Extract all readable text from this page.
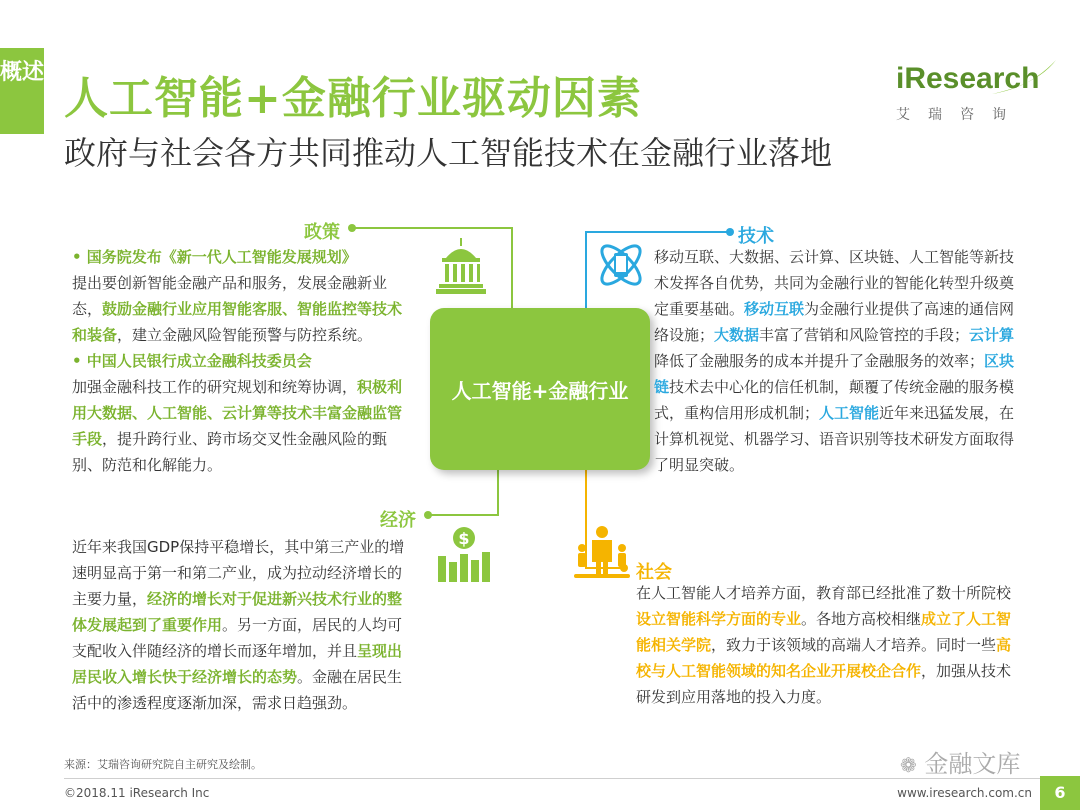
概述
人工智能+金融行业驱动因素
政府与社会各方共同推动人工智能技术在金融行业落地
iResearch
艾瑞咨询
人工智能+金融行业
政策
• 国务院发布《新一代人工智能发展规划》
提出要创新智能金融产品和服务，发展金融新业
态，鼓励金融行业应用智能客服、智能监控等技术
和装备，建立金融风险智能预警与防控系统。
• 中国人民银行成立金融科技委员会
加强金融科技工作的研究规划和统筹协调，积极利
用大数据、人工智能、云计算等技术丰富金融监管
手段，提升跨行业、跨市场交叉性金融风险的甄
别、防范和化解能力。
技术
移动互联、大数据、云计算、区块链、人工智能等新技
术发挥各自优势，共同为金融行业的智能化转型升级奠
定重要基础。移动互联为金融行业提供了高速的通信网
络设施；大数据丰富了营销和风险管控的手段；云计算
降低了金融服务的成本并提升了金融服务的效率；区块
链技术去中心化的信任机制，颠覆了传统金融的服务模
式，重构信用形成机制；人工智能近年来迅猛发展，在
计算机视觉、机器学习、语音识别等技术研发方面取得
了明显突破。
经济
$
近年来我国GDP保持平稳增长，其中第三产业的增
速明显高于第一和第二产业，成为拉动经济增长的
主要力量，经济的增长对于促进新兴技术行业的整
体发展起到了重要作用。另一方面，居民的人均可
支配收入伴随经济的增长而逐年增加，并且呈现出
居民收入增长快于经济增长的态势。金融在居民生
活中的渗透程度逐渐加深，需求日趋强劲。
社会
在人工智能人才培养方面，教育部已经批准了数十所院校
设立智能科学方面的专业。各地方高校相继成立了人工智
能相关学院，致力于该领域的高端人才培养。同时一些高
校与人工智能领域的知名企业开展校企合作，加强从技术
研发到应用落地的投入力度。
来源：艾瑞咨询研究院自主研究及绘制。	❁ 金融文库
©2018.11 iResearch Inc	www.iresearch.com.cn	6
